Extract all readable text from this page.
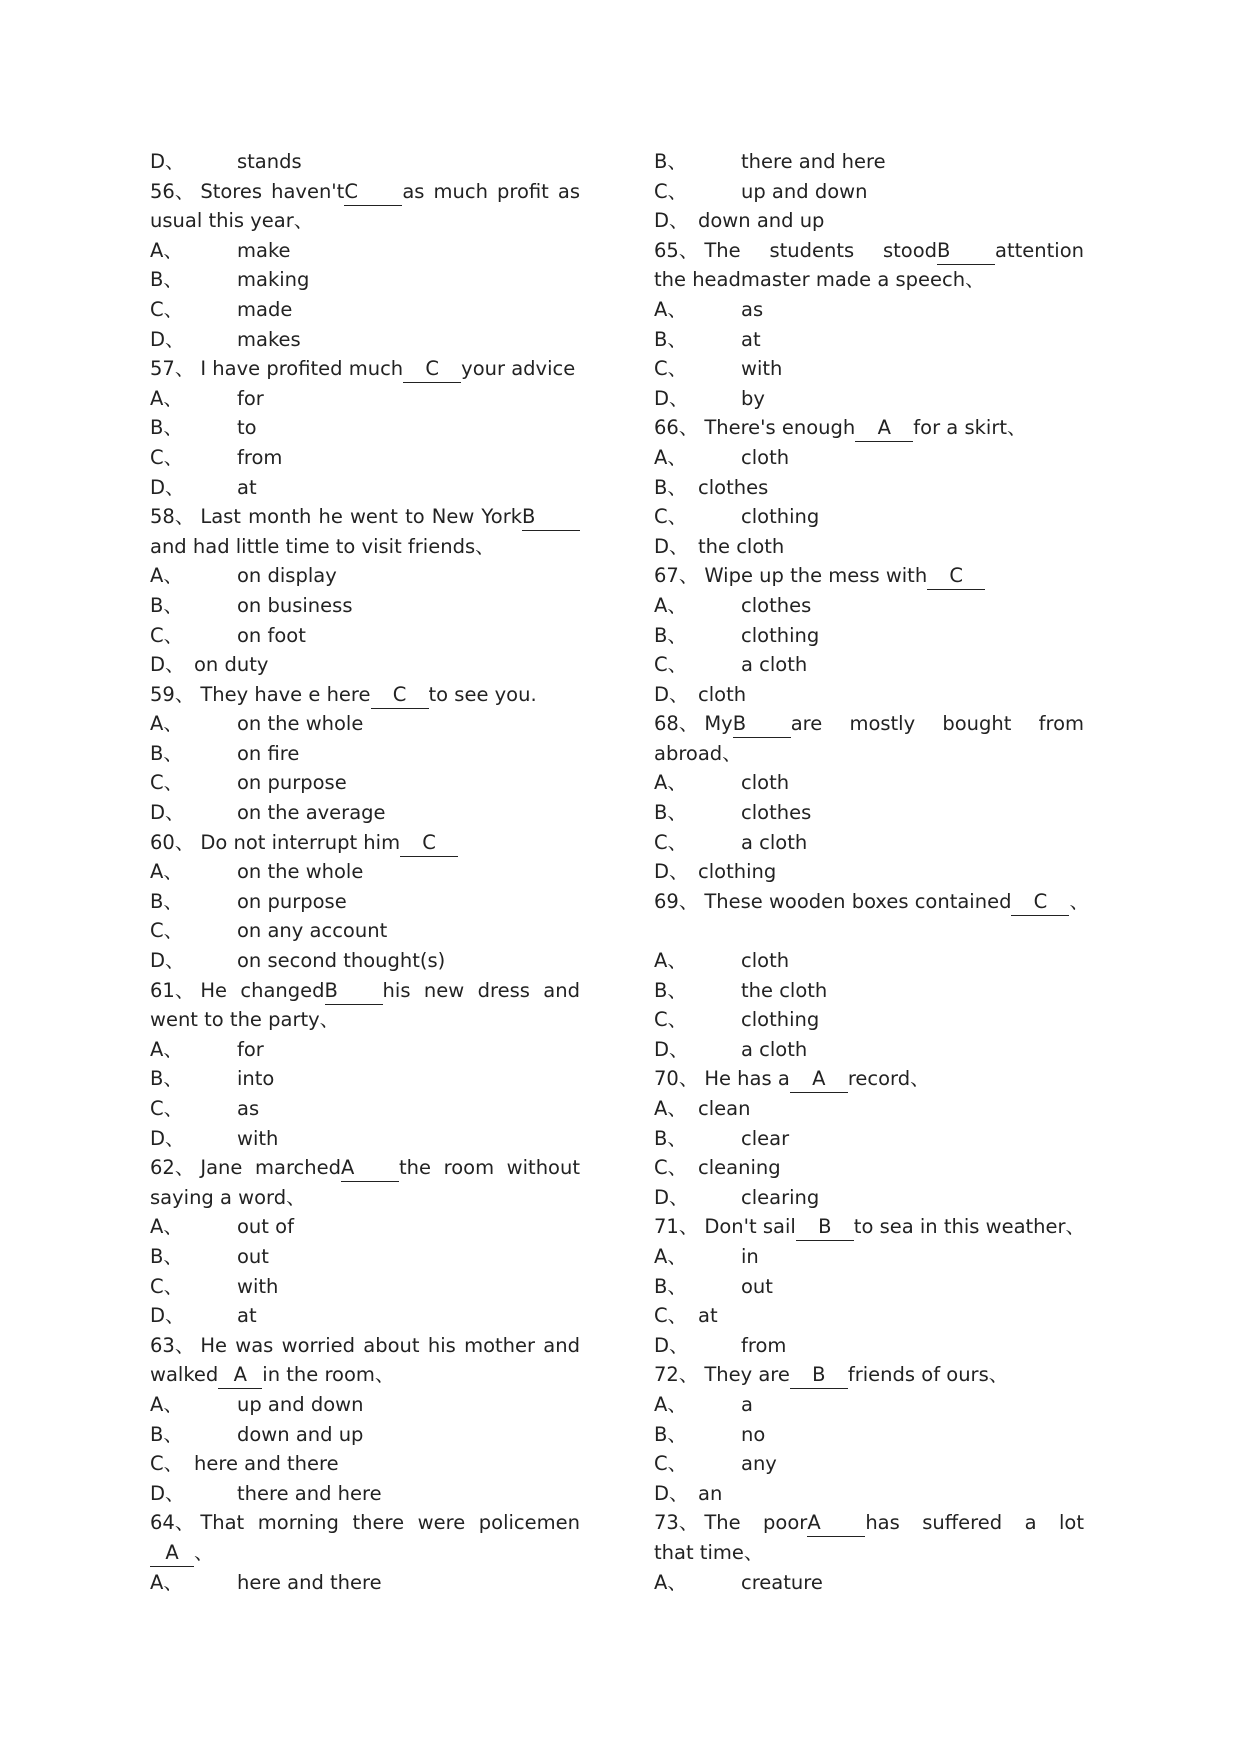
D、	stands
56、 Stores haven'tC as much profit as
usual this year、
A、	make
B、	making
C、	made
D、	makes
57、 I have profited much C your advice
A、	for
B、	to
C、	from
D、	at
58、 Last month he went to New YorkB
and had little time to visit friends、
A、	on display
B、	on business
C、	on foot
D、 on duty
59、 They have e here C to see you.
A、	on the whole
B、	on fire
C、	on purpose
D、	on the average
60、 Do not interrupt him C
A、	on the whole
B、	on purpose
C、	on any account
D、	on second thought(s)
61、 He changedB his new dress and
went to the party、
A、	for
B、	into
C、	as
D、	with
62、 Jane marchedA the room without
saying a word、
A、	out of
B、	out
C、	with
D、	at
63、 He was worried about his mother and
walked A in the room、
A、	up and down
B、	down and up
C、 here and there
D、	there and here
64、 That morning there were policemen
A 、
A、	here and there
B、	there and here
C、	up and down
D、 down and up
65、 The students stoodB attention
the headmaster made a speech、
A、	as
B、	at
C、	with
D、	by
66、 There's enough A for a skirt、
A、	cloth
B、 clothes
C、	clothing
D、 the cloth
67、 Wipe up the mess with C
A、	clothes
B、	clothing
C、	a cloth
D、 cloth
68、 MyB are mostly bought from
abroad、
A、	cloth
B、	clothes
C、	a cloth
D、 clothing
69、 These wooden boxes contained C 、
A、	cloth
B、	the cloth
C、	clothing
D、	a cloth
70、 He has a A record、
A、 clean
B、	clear
C、 cleaning
D、	clearing
71、 Don't sail B to sea in this weather、
A、	in
B、	out
C、 at
D、	from
72、 They are B friends of ours、
A、	a
B、	no
C、	any
D、 an
73、 The poorA has suffered a lot
that time、
A、	creature
